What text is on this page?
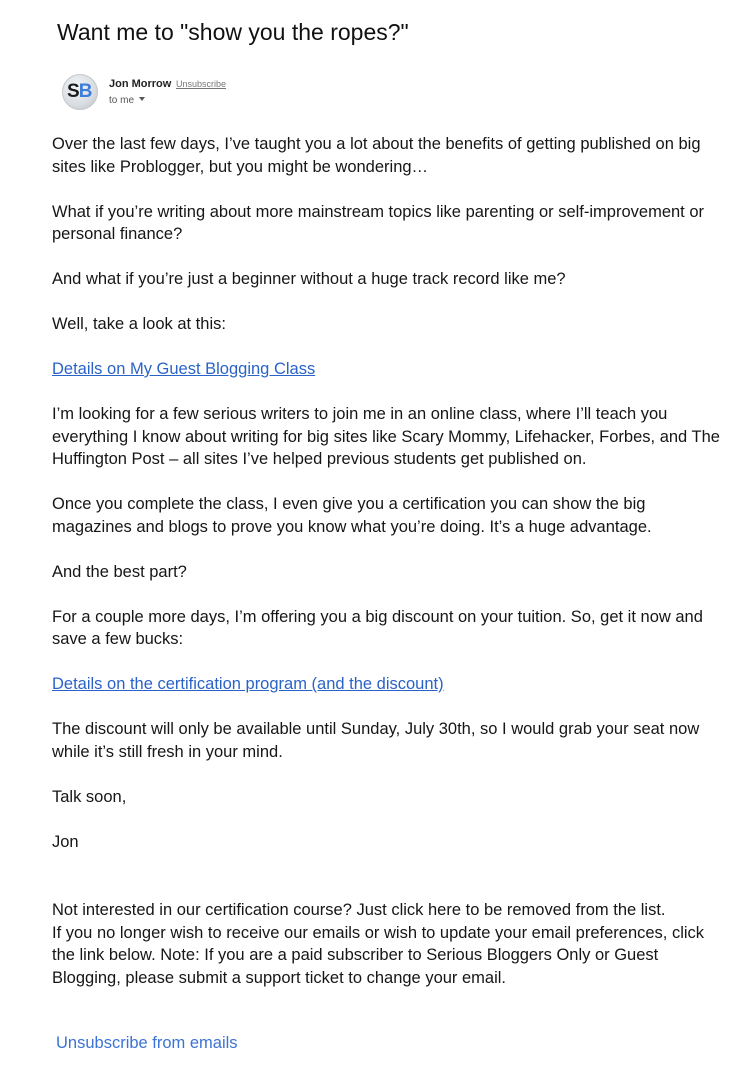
Want me to "show you the ropes?"
SB Jon Morrow Unsubscribe
to me

Over the last few days, I’ve taught you a lot about the benefits of getting published on big sites like Problogger, but you might be wondering…

What if you’re writing about more mainstream topics like parenting or self-improvement or personal finance?

And what if you’re just a beginner without a huge track record like me?

Well, take a look at this:

Details on My Guest Blogging Class

I’m looking for a few serious writers to join me in an online class, where I’ll teach you everything I know about writing for big sites like Scary Mommy, Lifehacker, Forbes, and The Huffington Post – all sites I’ve helped previous students get published on.

Once you complete the class, I even give you a certification you can show the big magazines and blogs to prove you know what you’re doing. It’s a huge advantage.

And the best part?

For a couple more days, I’m offering you a big discount on your tuition. So, get it now and save a few bucks:

Details on the certification program (and the discount)

The discount will only be available until Sunday, July 30th, so I would grab your seat now while it’s still fresh in your mind.

Talk soon,

Jon

Not interested in our certification course? Just click here to be removed from the list.

If you no longer wish to receive our emails or wish to update your email preferences, click the link below. Note: If you are a paid subscriber to Serious Bloggers Only or Guest Blogging, please submit a support ticket to change your email.

Unsubscribe from emails
